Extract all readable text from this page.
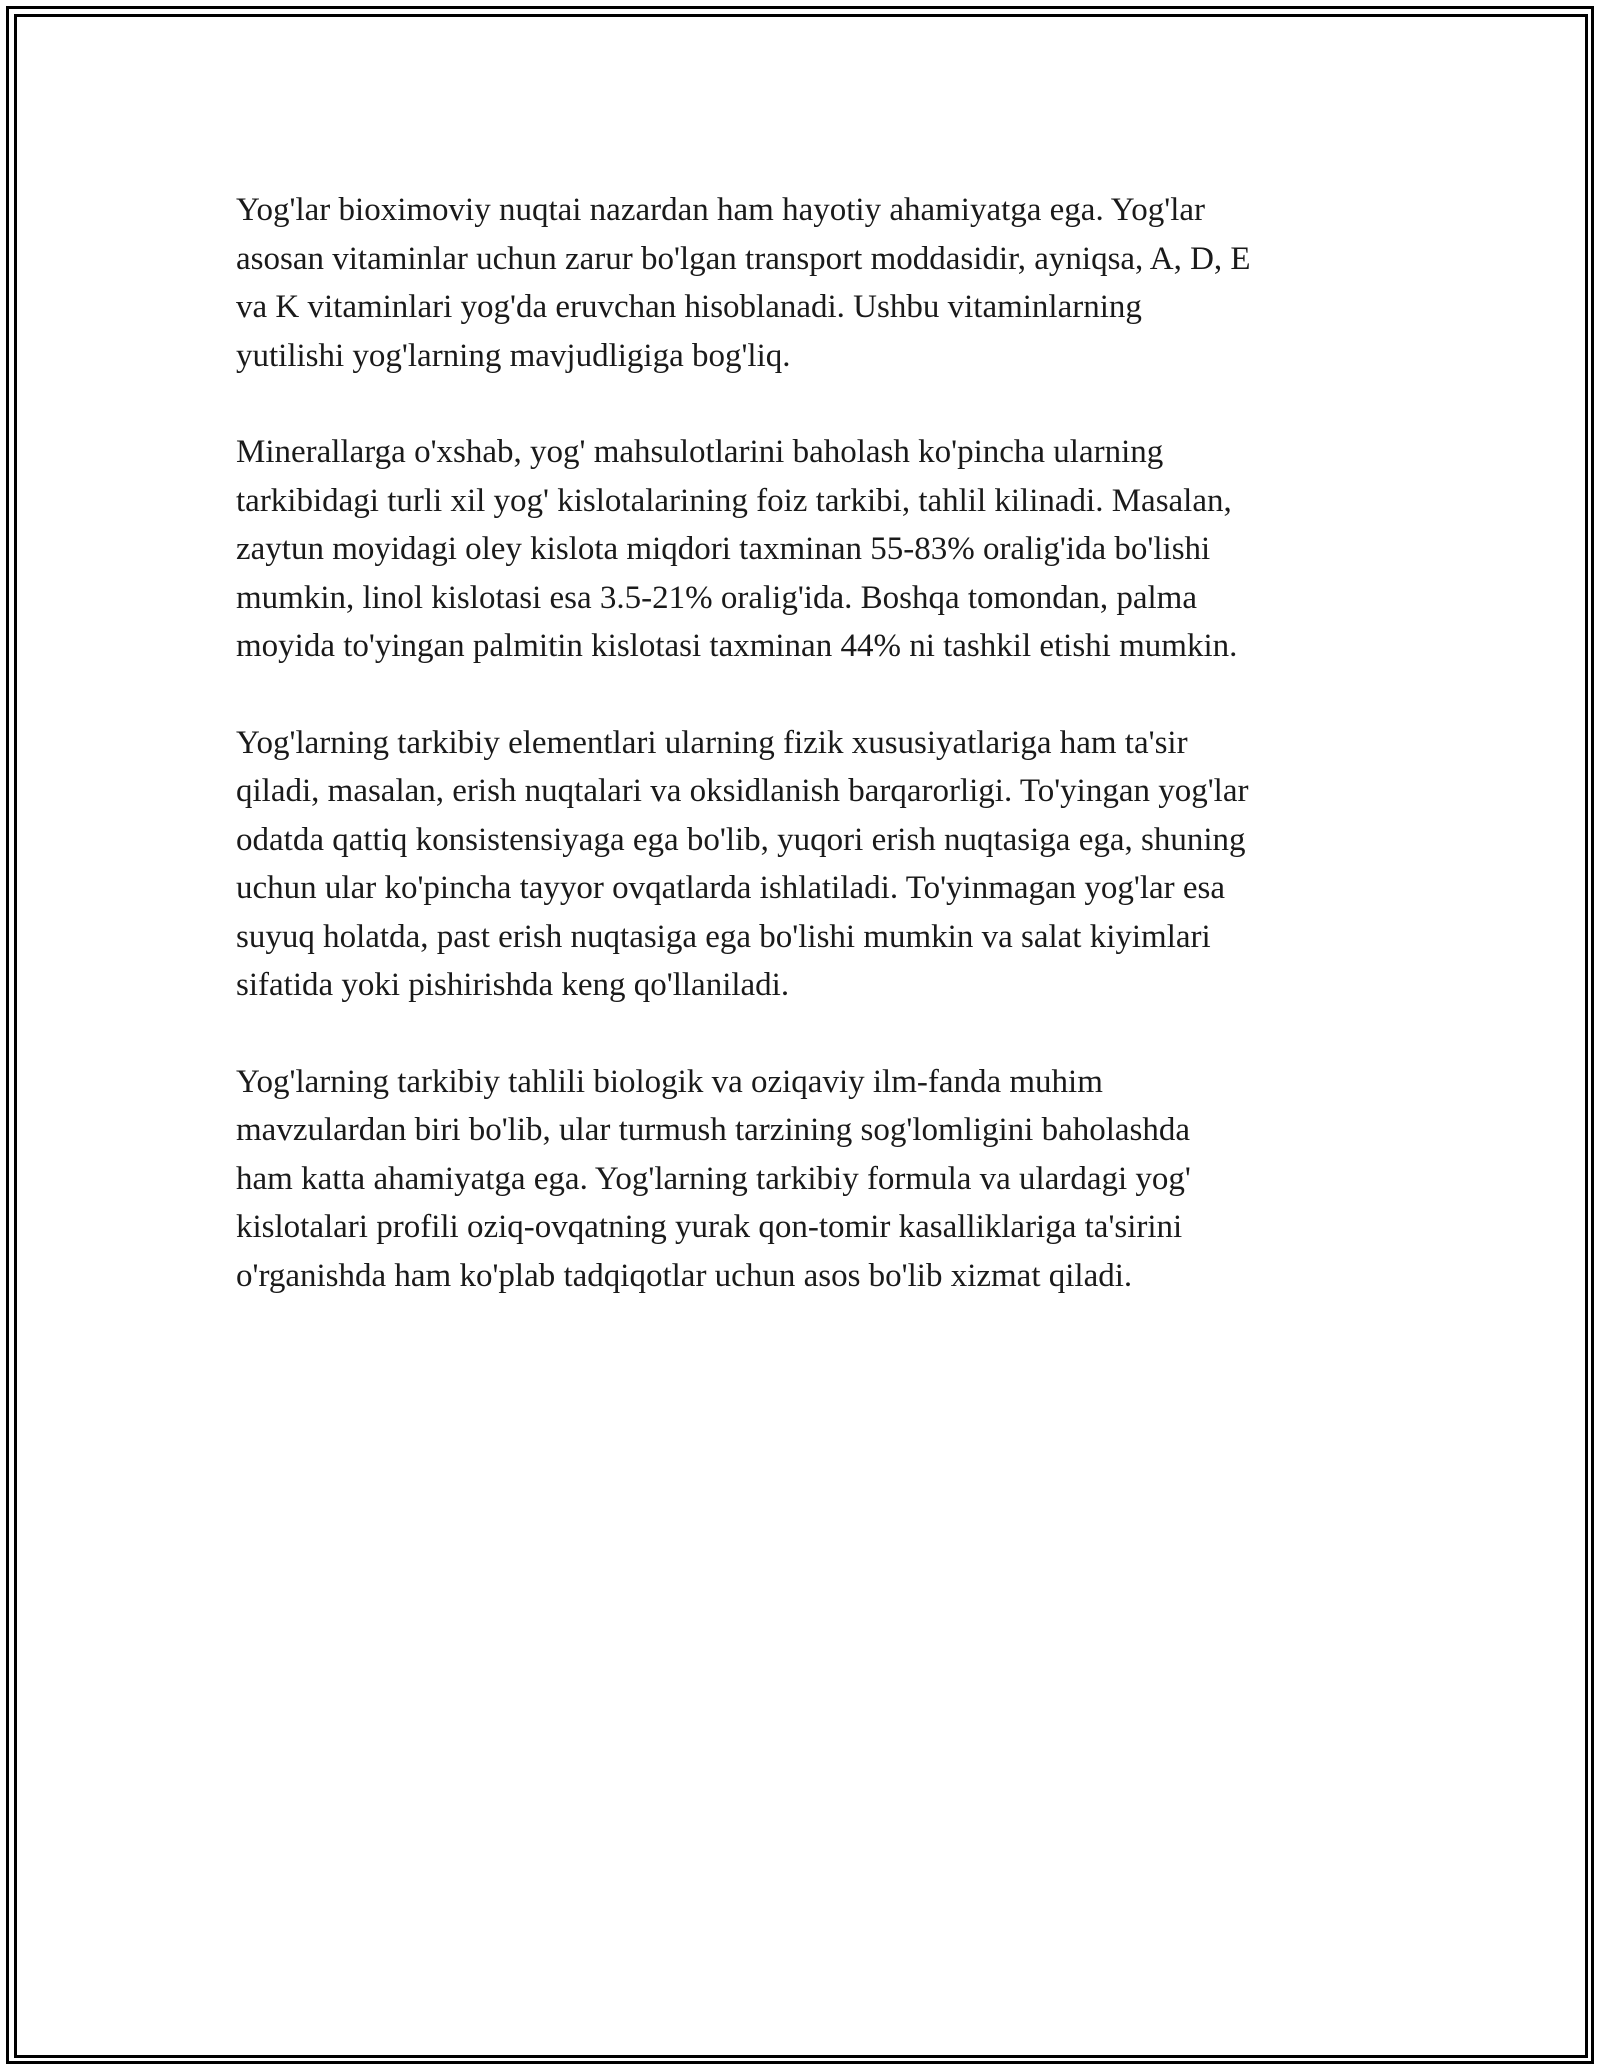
Yog'lar bioximoviy nuqtai nazardan ham hayotiy ahamiyatga ega. Yog'lar
asosan vitaminlar uchun zarur bo'lgan transport moddasidir, ayniqsa, A, D, E
va K vitaminlari yog'da eruvchan hisoblanadi. Ushbu vitaminlarning
yutilishi yog'larning mavjudligiga bog'liq.

Minerallarga o'xshab, yog' mahsulotlarini baholash ko'pincha ularning
tarkibidagi turli xil yog' kislotalarining foiz tarkibi, tahlil kilinadi. Masalan,
zaytun moyidagi oley kislota miqdori taxminan 55-83% oralig'ida bo'lishi
mumkin, linol kislotasi esa 3.5-21% oralig'ida. Boshqa tomondan, palma
moyida to'yingan palmitin kislotasi taxminan 44% ni tashkil etishi mumkin.

Yog'larning tarkibiy elementlari ularning fizik xususiyatlariga ham ta'sir
qiladi, masalan, erish nuqtalari va oksidlanish barqarorligi. To'yingan yog'lar
odatda qattiq konsistensiyaga ega bo'lib, yuqori erish nuqtasiga ega, shuning
uchun ular ko'pincha tayyor ovqatlarda ishlatiladi. To'yinmagan yog'lar esa
suyuq holatda, past erish nuqtasiga ega bo'lishi mumkin va salat kiyimlari
sifatida yoki pishirishda keng qo'llaniladi.

Yog'larning tarkibiy tahlili biologik va oziqaviy ilm-fanda muhim
mavzulardan biri bo'lib, ular turmush tarzining sog'lomligini baholashda
ham katta ahamiyatga ega. Yog'larning tarkibiy formula va ulardagi yog'
kislotalari profili oziq-ovqatning yurak qon-tomir kasalliklariga ta'sirini
o'rganishda ham ko'plab tadqiqotlar uchun asos bo'lib xizmat qiladi.
